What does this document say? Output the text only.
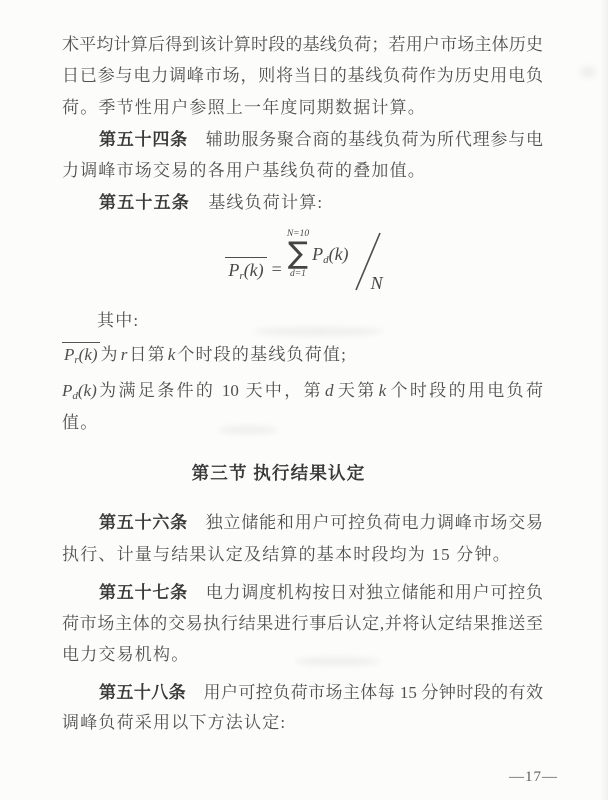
术平均计算后得到该计算时段的基线负荷；若用户市场主体历史
日已参与电力调峰市场，则将当日的基线负荷作为历史用电负
荷。季节性用户参照上一年度同期数据计算。
第五十四条　辅助服务聚合商的基线负荷为所代理参与电
力调峰市场交易的各用户基线负荷的叠加值。
第五十五条　基线负荷计算:
其中:
$P_r(k)$ 为 r 日第 k 个时段的基线负荷值;
$P_d(k)$为满足条件的 10 天中，第 d 天第 k 个时段的用电负荷
值。
第三节 执行结果认定
第五十六条　独立储能和用户可控负荷电力调峰市场交易
执行、计量与结果认定及结算的基本时段均为 15 分钟。
第五十七条　电力调度机构按日对独立储能和用户可控负
荷市场主体的交易执行结果进行事后认定,并将认定结果推送至
电力交易机构。
第五十八条　用户可控负荷市场主体每 15 分钟时段的有效
调峰负荷采用以下方法认定:
$P_r(k)$ =
N=10
∑
d=1
$P_d(k)$
N
—17—
